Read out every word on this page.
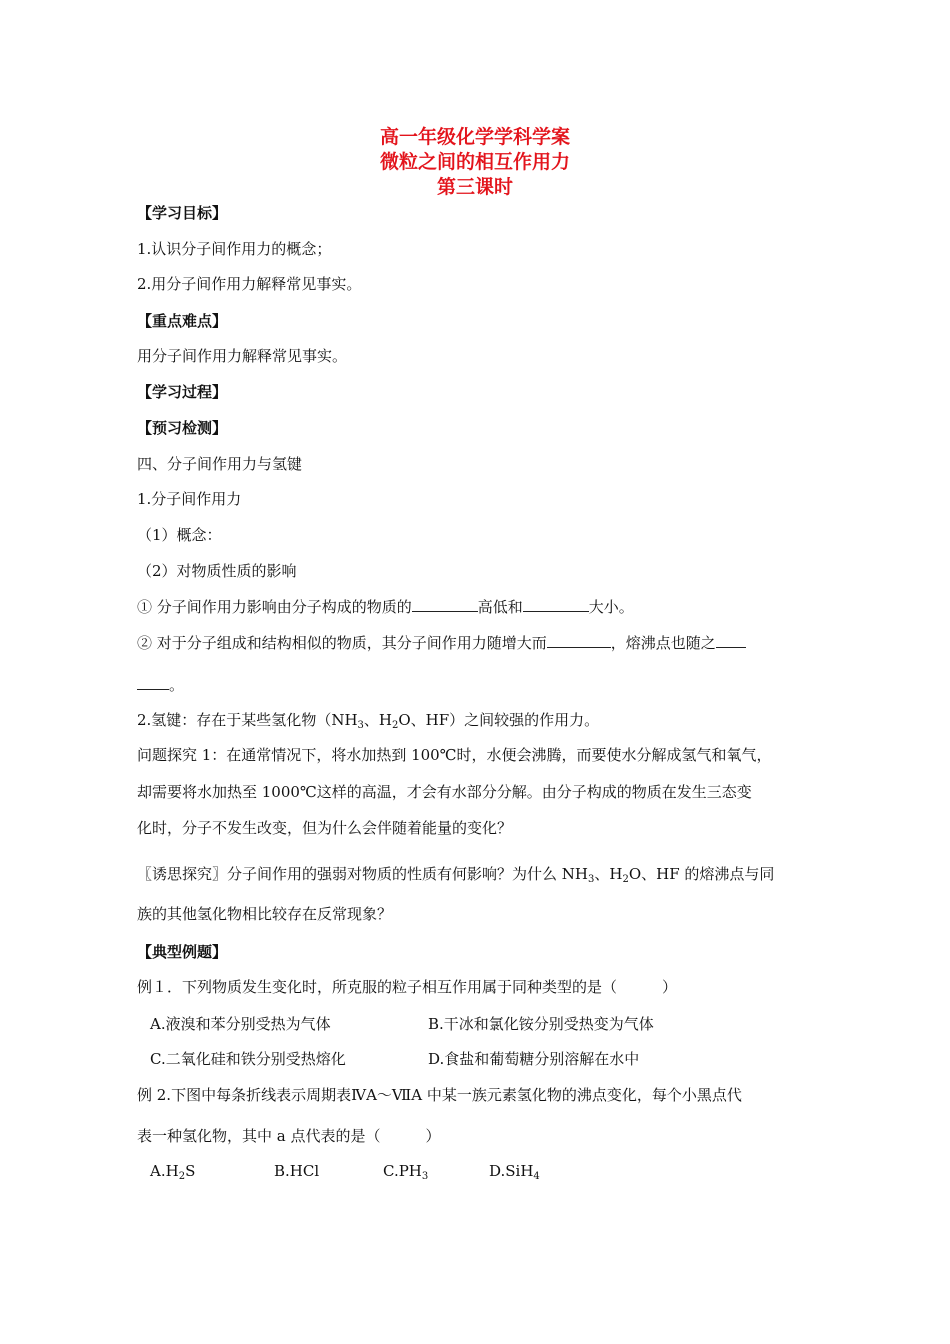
高一年级化学学科学案
微粒之间的相互作用力
第三课时
【学习目标】
1.认识分子间作用力的概念；
2.用分子间作用力解释常见事实。
【重点难点】
用分子间作用力解释常见事实。
【学习过程】
【预习检测】
四、分子间作用力与氢键
1.分子间作用力
（1）概念：
（2）对物质性质的影响
① 分子间作用力影响由分子构成的物质的	高低和	大小。
② 对于分子组成和结构相似的物质，其分子间作用力随增大而	，熔沸点也随之
。
2.氢键：存在于某些氢化物（$NH_3$、$H_2O$、HF）之间较强的作用力。
问题探究 1：在通常情况下，将水加热到 100℃时，水便会沸腾，而要使水分解成氢气和氧气，
却需要将水加热至 1000℃这样的高温，才会有水部分分解。由分子构成的物质在发生三态变
化时，分子不发生改变，但为什么会伴随着能量的变化？
〖诱思探究〗分子间作用的强弱对物质的性质有何影响？为什么 $NH_3$、$H_2O$、HF 的熔沸点与同
族的其他氢化物相比较存在反常现象？
【典型例题】
例１．下列物质发生变化时，所克服的粒子相互作用属于同种类型的是（　　　）
A.液溴和苯分别受热为气体	B.干冰和氯化铵分别受热变为气体
C.二氧化硅和铁分别受热熔化	D.食盐和葡萄糖分别溶解在水中
例 2.下图中每条折线表示周期表ⅣA～ⅦA 中某一族元素氢化物的沸点变化，每个小黑点代
表一种氢化物，其中 a 点代表的是（　　　）
$A.H_2S$	B.HCl	$C.PH_3$	D.SiH$_4$
